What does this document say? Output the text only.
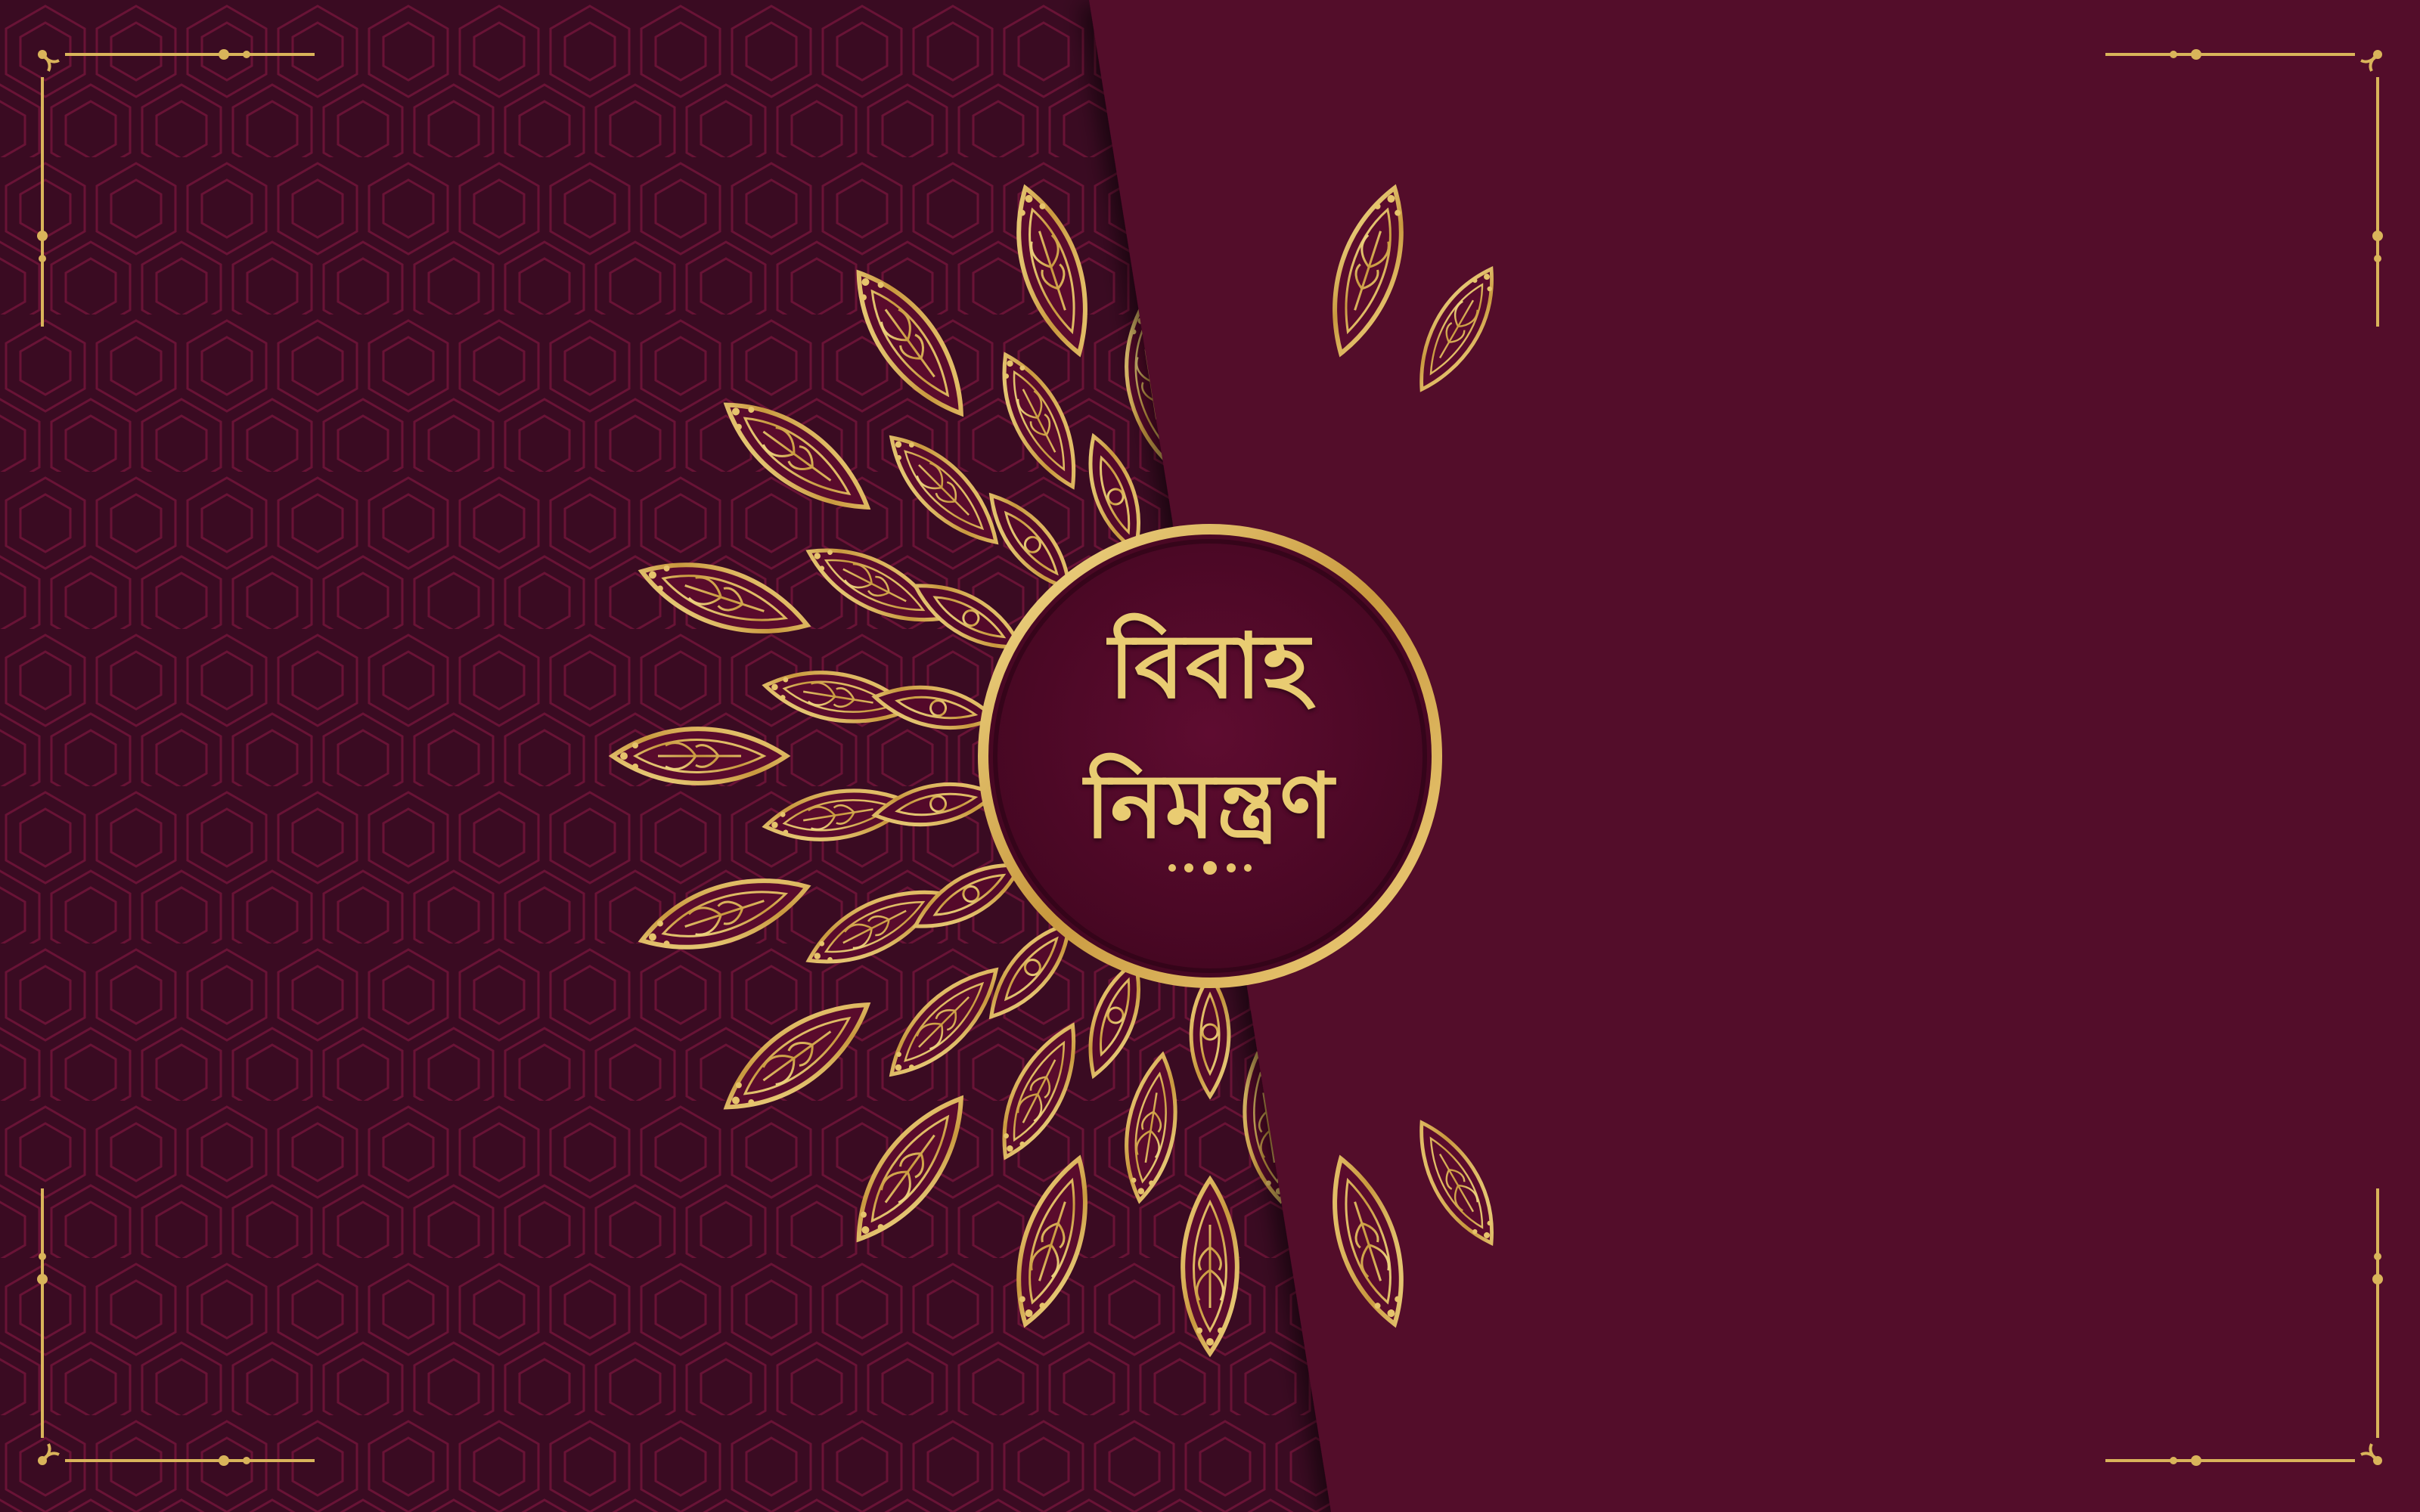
বিবাহ
নিমন্ত্রণ
